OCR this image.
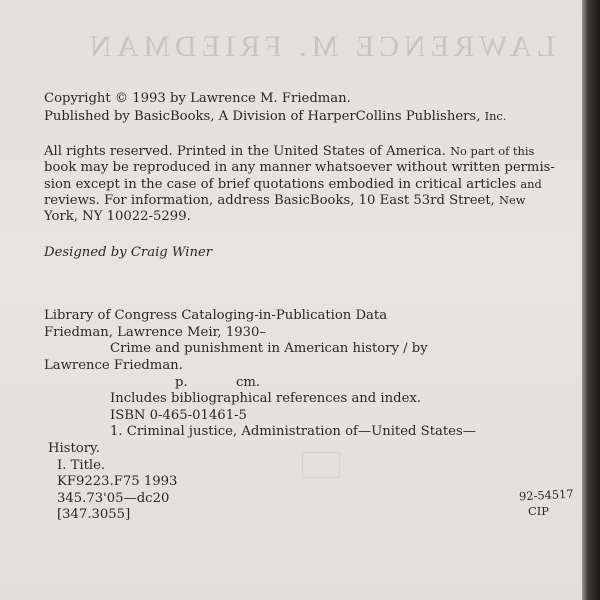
LAWRENCE M. FRIEDMAN
Copyright © 1993 by Lawrence M. Friedman.
Published by BasicBooks, A Division of HarperCollins Publishers, Inc.
All rights reserved. Printed in the United States of America. No part of this
book may be reproduced in any manner whatsoever without written permis-
sion except in the case of brief quotations embodied in critical articles and
reviews. For information, address BasicBooks, 10 East 53rd Street, New
York, NY 10022-5299.
Designed by Craig Winer
Library of Congress Cataloging-in-Publication Data
Friedman, Lawrence Meir, 1930–
Crime and punishment in American history / by
Lawrence Friedman.
p.	cm.
Includes bibliographical references and index.
ISBN 0-465-01461-5
1. Criminal justice, Administration of—United States—
History.
I. Title.
KF9223.F75 1993
345.73'05—dc20
[347.3055]
92-54517
CIP
